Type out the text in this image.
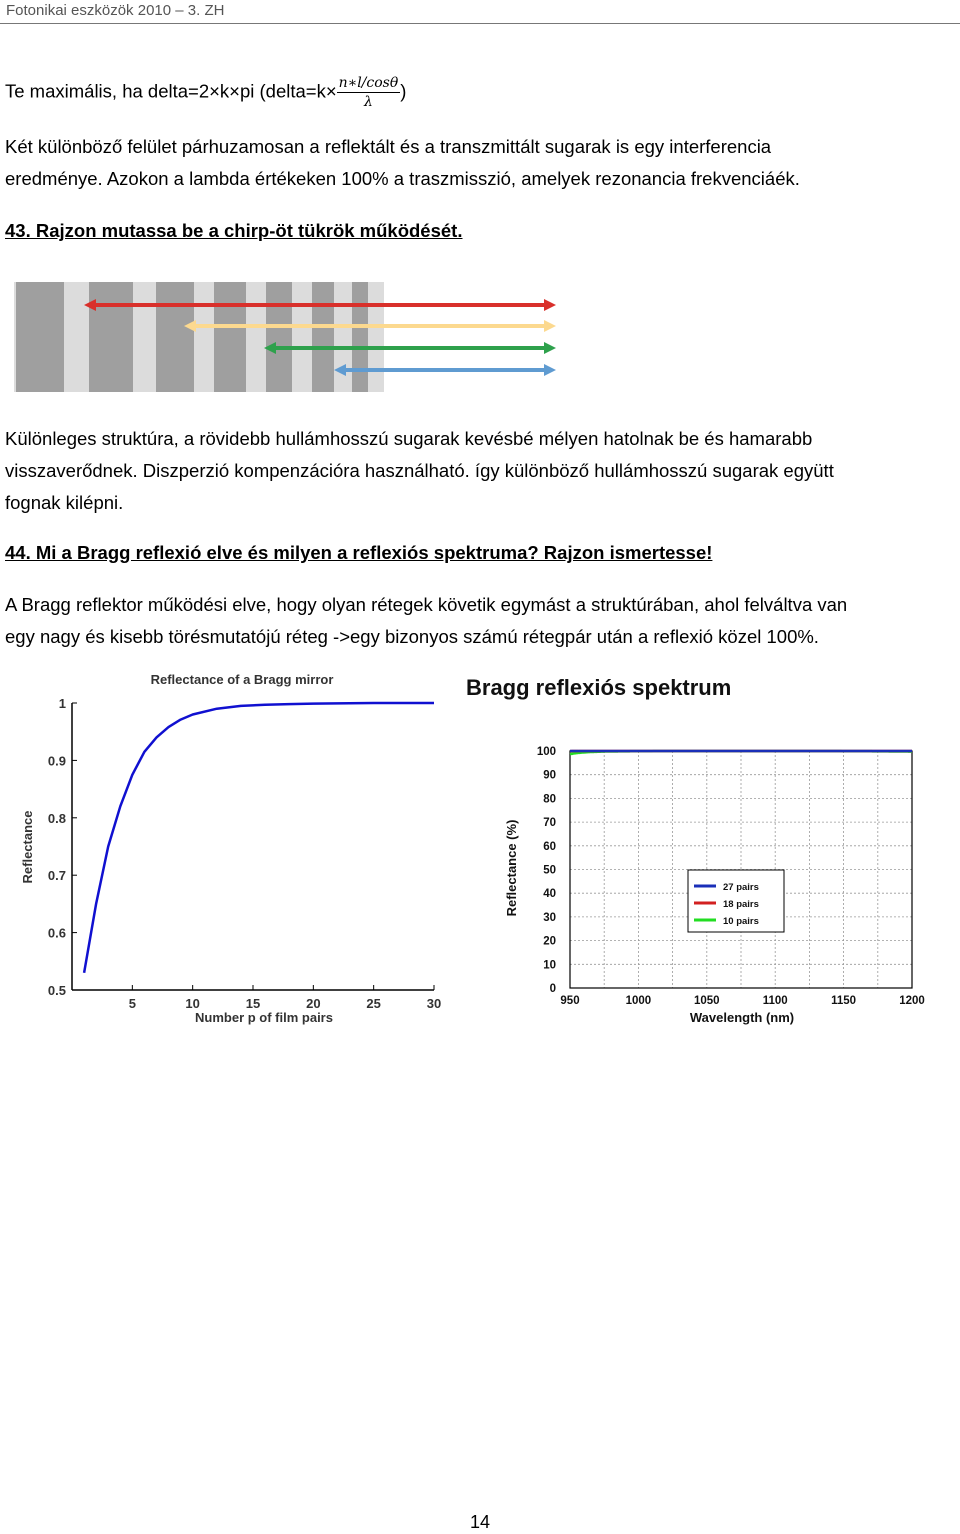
Fotonikai eszközök 2010 – 3. ZH
Te maximális, ha delta=2×k×pi (delta=k× $\frac{n∗l/\cos\theta}{\lambda}$ )
Két különböző felület párhuzamosan a reflektált és a transzmittált sugarak is egy interferencia
eredménye. Azokon a lambda értékeken 100% a traszmisszió, amelyek rezonancia frekvenciáék.
43. Rajzon mutassa be a chirp-öt tükrök működését.
Különleges struktúra, a rövidebb hullámhosszú sugarak kevésbé mélyen hatolnak be és hamarabb
visszaverődnek. Diszperzió kompenzációra használható. így különböző hullámhosszú sugarak együtt
fognak kilépni.
44. Mi a Bragg reflexió elve és milyen a reflexiós spektruma? Rajzon ismertesse!
A Bragg reflektor működési elve, hogy olyan rétegek követik egymást a struktúrában, ahol felváltva van
egy nagy és kisebb törésmutatójú réteg ->egy bizonyos számú rétegpár után a reflexió közel 100%.
Reflectance of a Bragg mirror
Reflectance
Number p of film pairs
5	10	15	20	25	30
0.5
0.6
0.7
0.8
0.9
1
Bragg reflexiós spektrum
Reflectance (%)
Wavelength (nm)
0
10
20
30
40
50
60
70
80
90
100
950	1000	1050	1100	1150	1200
27 pairs
18 pairs
10 pairs
14
